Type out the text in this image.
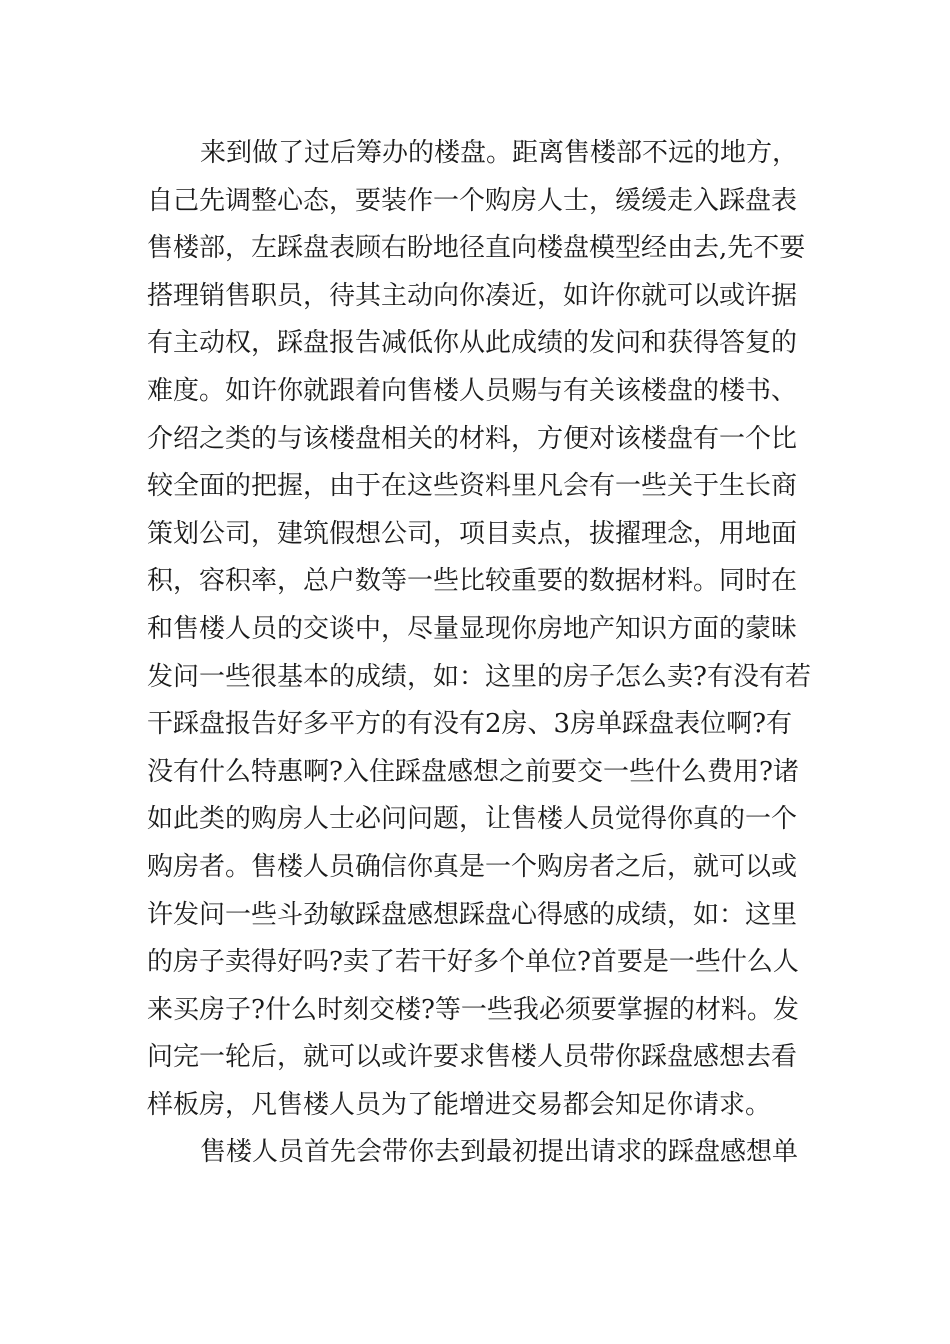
来到做了过后筹办的楼盘。距离售楼部不远的地方，
自己先调整心态，要装作一个购房人士，缓缓走入踩盘表
售楼部，左踩盘表顾右盼地径直向楼盘模型经由去,先不要
搭理销售职员，待其主动向你凑近，如许你就可以或许据
有主动权，踩盘报告减低你从此成绩的发问和获得答复的
难度。如许你就跟着向售楼人员赐与有关该楼盘的楼书、
介绍之类的与该楼盘相关的材料，方便对该楼盘有一个比
较全面的把握，由于在这些资料里凡会有一些关于生长商
策划公司，建筑假想公司，项目卖点，拔擢理念，用地面
积，容积率，总户数等一些比较重要的数据材料。同时在
和售楼人员的交谈中，尽量显现你房地产知识方面的蒙昧
发问一些很基本的成绩，如：这里的房子怎么卖?有没有若
干踩盘报告好多平方的有没有2房、3房单踩盘表位啊?有
没有什么特惠啊?入住踩盘感想之前要交一些什么费用?诸
如此类的购房人士必问问题，让售楼人员觉得你真的一个
购房者。售楼人员确信你真是一个购房者之后，就可以或
许发问一些斗劲敏踩盘感想踩盘心得感的成绩，如：这里
的房子卖得好吗?卖了若干好多个单位?首要是一些什么人
来买房子?什么时刻交楼?等一些我必须要掌握的材料。发
问完一轮后，就可以或许要求售楼人员带你踩盘感想去看
样板房，凡售楼人员为了能增进交易都会知足你请求。
售楼人员首先会带你去到最初提出请求的踩盘感想单
